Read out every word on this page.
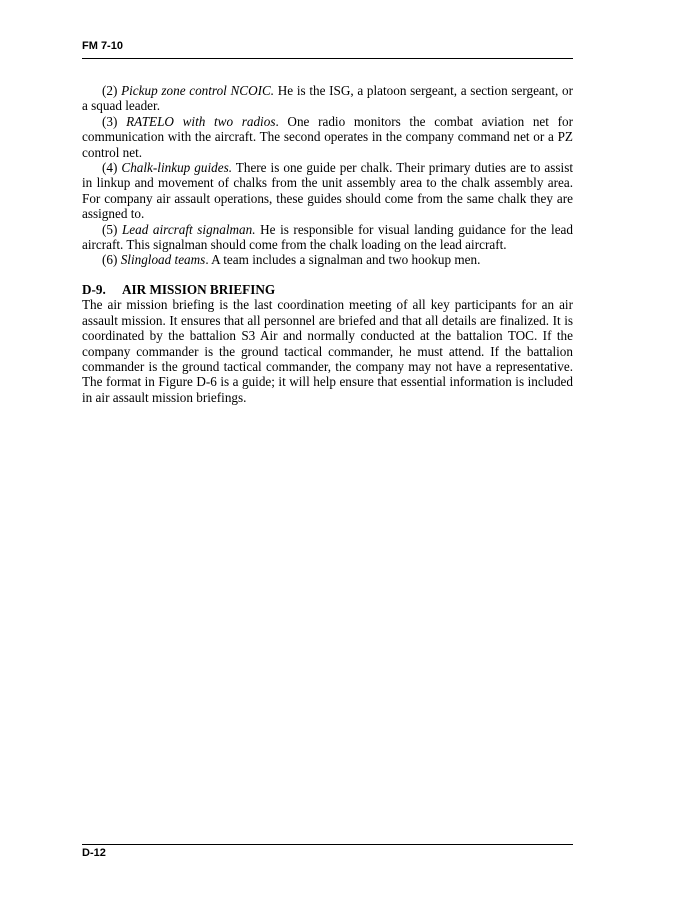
FM 7-10

(2) Pickup zone control NCOIC. He is the ISG, a platoon sergeant, a section sergeant, or a squad leader.

(3) RATELO with two radios. One radio monitors the combat aviation net for communication with the aircraft. The second operates in the company command net or a PZ control net.

(4) Chalk-linkup guides. There is one guide per chalk. Their primary duties are to assist in linkup and movement of chalks from the unit assembly area to the chalk assembly area. For company air assault operations, these guides should come from the same chalk they are assigned to.

(5) Lead aircraft signalman. He is responsible for visual landing guidance for the lead aircraft. This signalman should come from the chalk loading on the lead aircraft.

(6) Slingload teams. A team includes a signalman and two hookup men.

D-9. AIR MISSION BRIEFING

The air mission briefing is the last coordination meeting of all key participants for an air assault mission. It ensures that all personnel are briefed and that all details are finalized. It is coordinated by the battalion S3 Air and normally conducted at the battalion TOC. If the company commander is the ground tactical commander, he must attend. If the battalion commander is the ground tactical commander, the company may not have a representative. The format in Figure D-6 is a guide; it will help ensure that essential information is included in air assault mission briefings.

D-12
